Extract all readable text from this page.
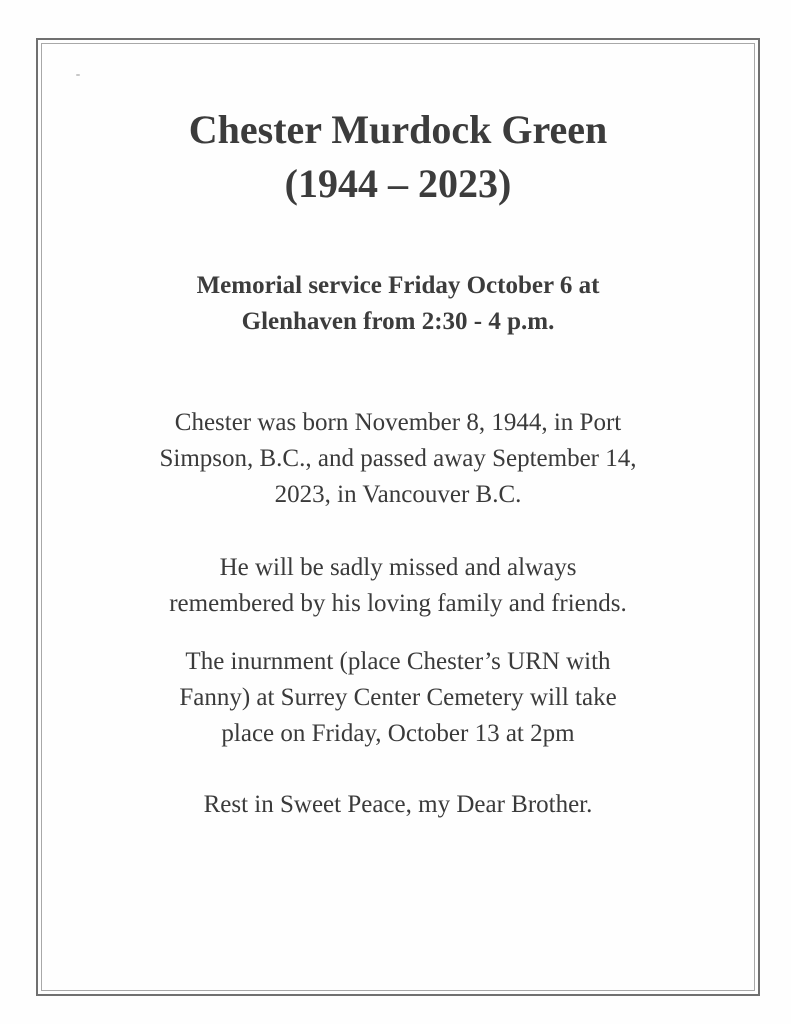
Chester Murdock Green
(1944 – 2023)

Memorial service Friday October 6 at
Glenhaven from 2:30 - 4 p.m.

Chester was born November 8, 1944, in Port
Simpson, B.C., and passed away September 14,
2023, in Vancouver B.C.

He will be sadly missed and always
remembered by his loving family and friends.

The inurnment (place Chester’s URN with
Fanny) at Surrey Center Cemetery will take
place on Friday, October 13 at 2pm

Rest in Sweet Peace, my Dear Brother.
